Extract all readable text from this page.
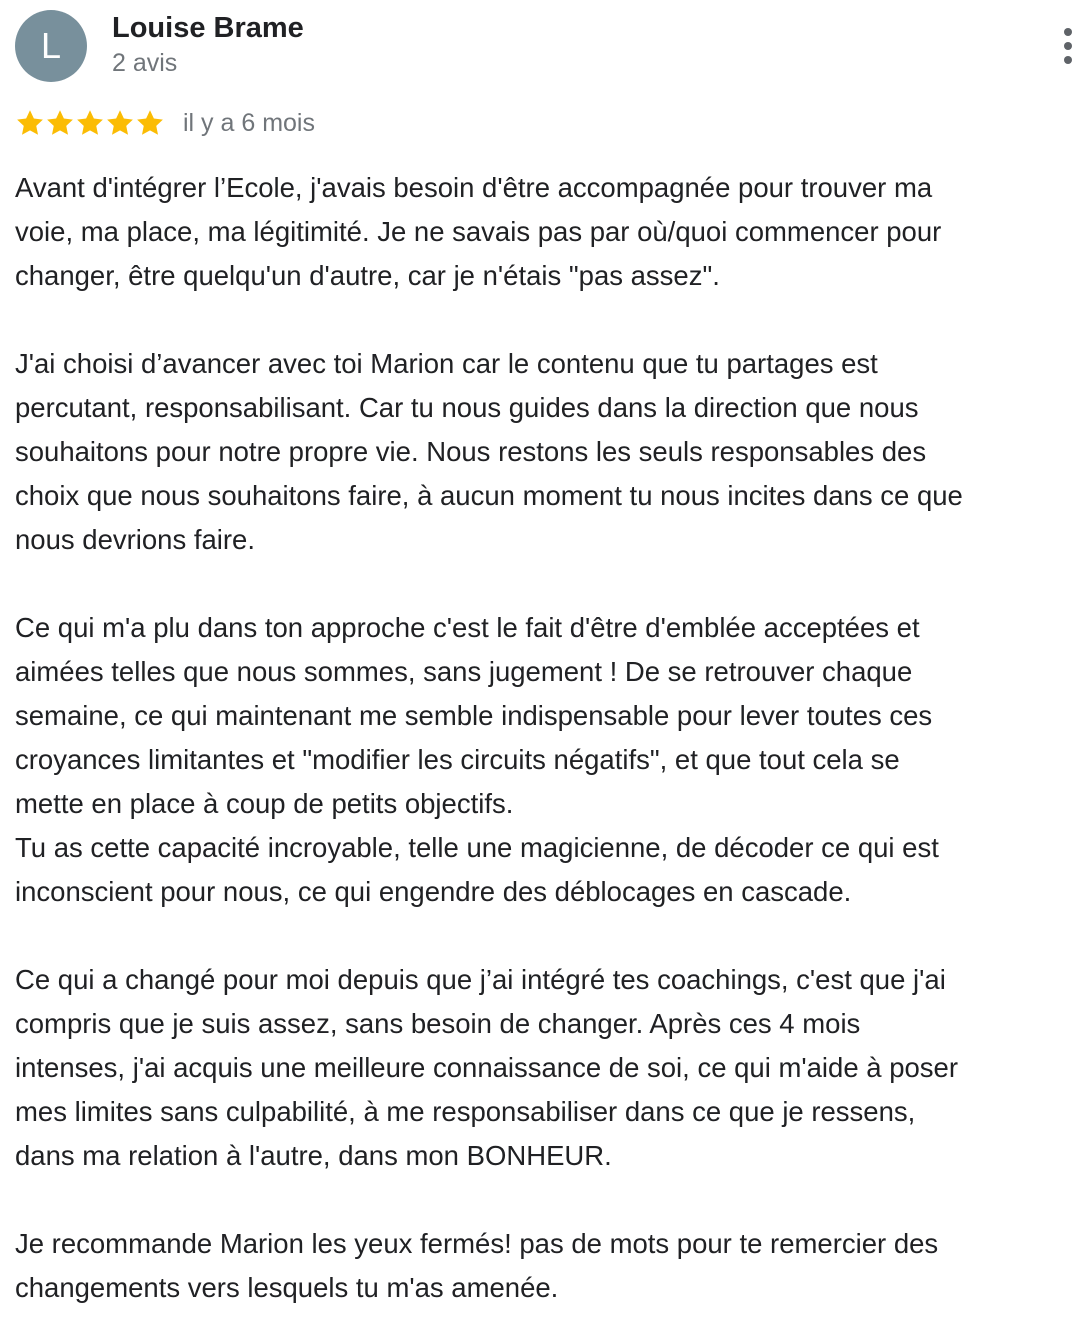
L	Louise Brame
2 avis
il y a 6 mois

Avant d'intégrer l’Ecole, j'avais besoin d'être accompagnée pour trouver ma
voie, ma place, ma légitimité. Je ne savais pas par où/quoi commencer pour
changer, être quelqu'un d'autre, car je n'étais "pas assez".

J'ai choisi d’avancer avec toi Marion car le contenu que tu partages est
percutant, responsabilisant. Car tu nous guides dans la direction que nous
souhaitons pour notre propre vie. Nous restons les seuls responsables des
choix que nous souhaitons faire, à aucun moment tu nous incites dans ce que
nous devrions faire.

Ce qui m'a plu dans ton approche c'est le fait d'être d'emblée acceptées et
aimées telles que nous sommes, sans jugement ! De se retrouver chaque
semaine, ce qui maintenant me semble indispensable pour lever toutes ces
croyances limitantes et "modifier les circuits négatifs", et que tout cela se
mette en place à coup de petits objectifs.
Tu as cette capacité incroyable, telle une magicienne, de décoder ce qui est
inconscient pour nous, ce qui engendre des déblocages en cascade.

Ce qui a changé pour moi depuis que j’ai intégré tes coachings, c'est que j'ai
compris que je suis assez, sans besoin de changer. Après ces 4 mois
intenses, j'ai acquis une meilleure connaissance de soi, ce qui m'aide à poser
mes limites sans culpabilité, à me responsabiliser dans ce que je ressens,
dans ma relation à l'autre, dans mon BONHEUR.

Je recommande Marion les yeux fermés! pas de mots pour te remercier des
changements vers lesquels tu m'as amenée.
